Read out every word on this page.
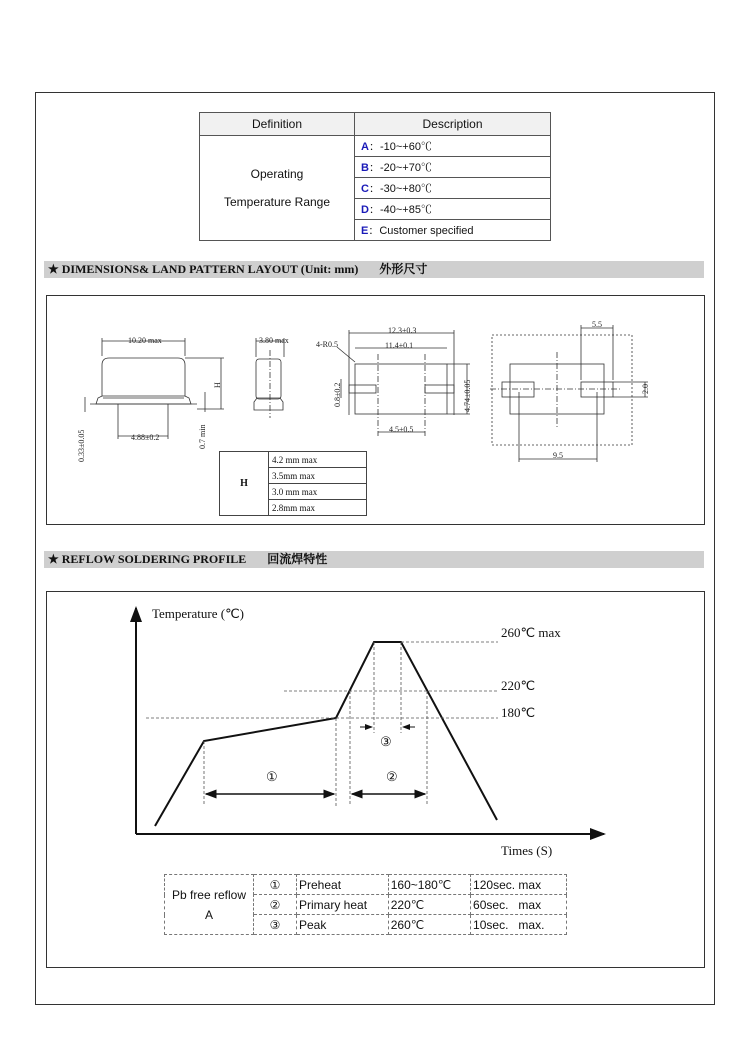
Definition	Description

Operating
Temperature Range	A：-10~+60℃
	B：-20~+70℃
	C：-30~+80℃
	D：-40~+85℃
	E：Customer specified
★ DIMENSIONS& LAND PATTERN LAYOUT (Unit: mm) 外形尺寸
10.20 max
4.88±0.2
H
0.33±0.05	0.7 min
3.80 max
12.3±0.3
11.4±0.1
4-R0.5
0.8±0.2	4.74±0.05
4.5±0.5
5.5
2.0
9.5
H	4.2 mm max
3.5mm max
3.0 mm max
2.8mm max
★ REFLOW SOLDERING PROFILE 回流焊特性
Temperature (℃)
Times (S)
260℃ max
220℃
180℃
①	②
③
Pb free reflow
A	①	Preheat	160~180℃	120sec. max
	②	Primary heat	220℃	60sec.   max
	③	Peak	260℃	10sec.   max.
